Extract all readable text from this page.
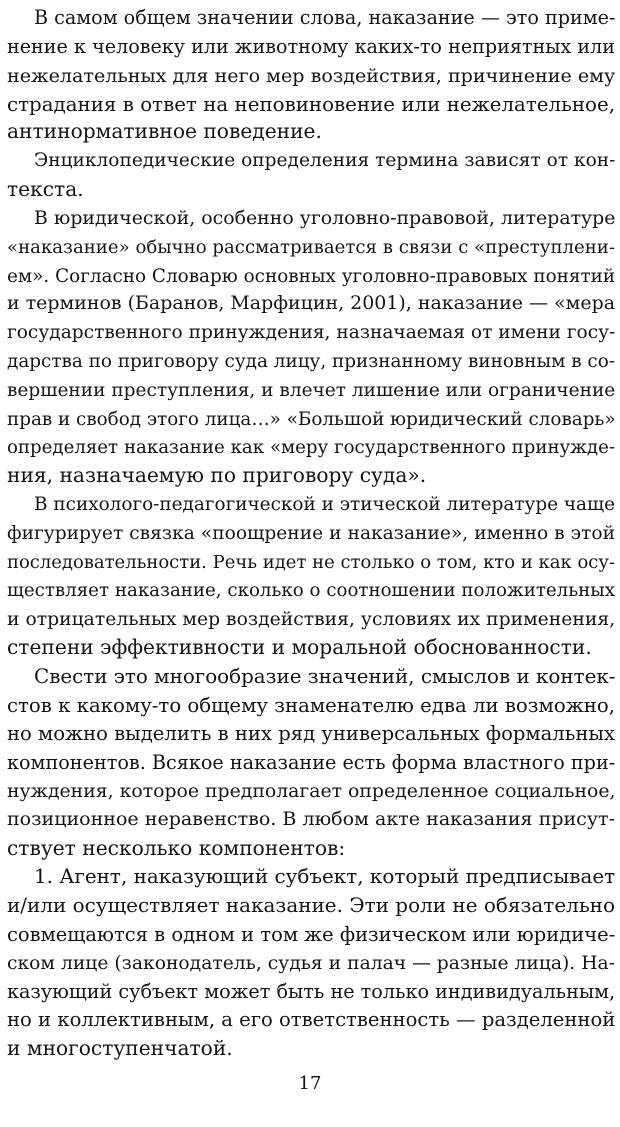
В самом общем значении слова, наказание — это приме-
нение к человеку или животному каких-то неприятных или
нежелательных для него мер воздействия, причинение ему
страдания в ответ на неповиновение или нежелательное,
антинормативное поведение.
Энциклопедические определения термина зависят от кон-
текста.
В юридической, особенно уголовно-правовой, литературе
«наказание» обычно рассматривается в связи с «преступлени-
ем». Согласно Словарю основных уголовно-правовых понятий
и терминов (Баранов, Марфицин, 2001), наказание — «мера
государственного принуждения, назначаемая от имени госу-
дарства по приговору суда лицу, признанному виновным в со-
вершении преступления, и влечет лишение или ограничение
прав и свобод этого лица…» «Большой юридический словарь»
определяет наказание как «меру государственного принужде-
ния, назначаемую по приговору суда».
В психолого-педагогической и этической литературе чаще
фигурирует связка «поощрение и наказание», именно в этой
последовательности. Речь идет не столько о том, кто и как осу-
ществляет наказание, сколько о соотношении положительных
и отрицательных мер воздействия, условиях их применения,
степени эффективности и моральной обоснованности.
Свести это многообразие значений, смыслов и контек-
стов к какому-то общему знаменателю едва ли возможно,
но можно выделить в них ряд универсальных формальных
компонентов. Всякое наказание есть форма властного при-
нуждения, которое предполагает определенное социальное,
позиционное неравенство. В любом акте наказания присут-
ствует несколько компонентов:
1. Агент, наказующий субъект, который предписывает
и/или осуществляет наказание. Эти роли не обязательно
совмещаются в одном и том же физическом или юридиче-
ском лице (законодатель, судья и палач — разные лица). На-
казующий субъект может быть не только индивидуальным,
но и коллективным, а его ответственность — разделенной
и многоступенчатой.
17
